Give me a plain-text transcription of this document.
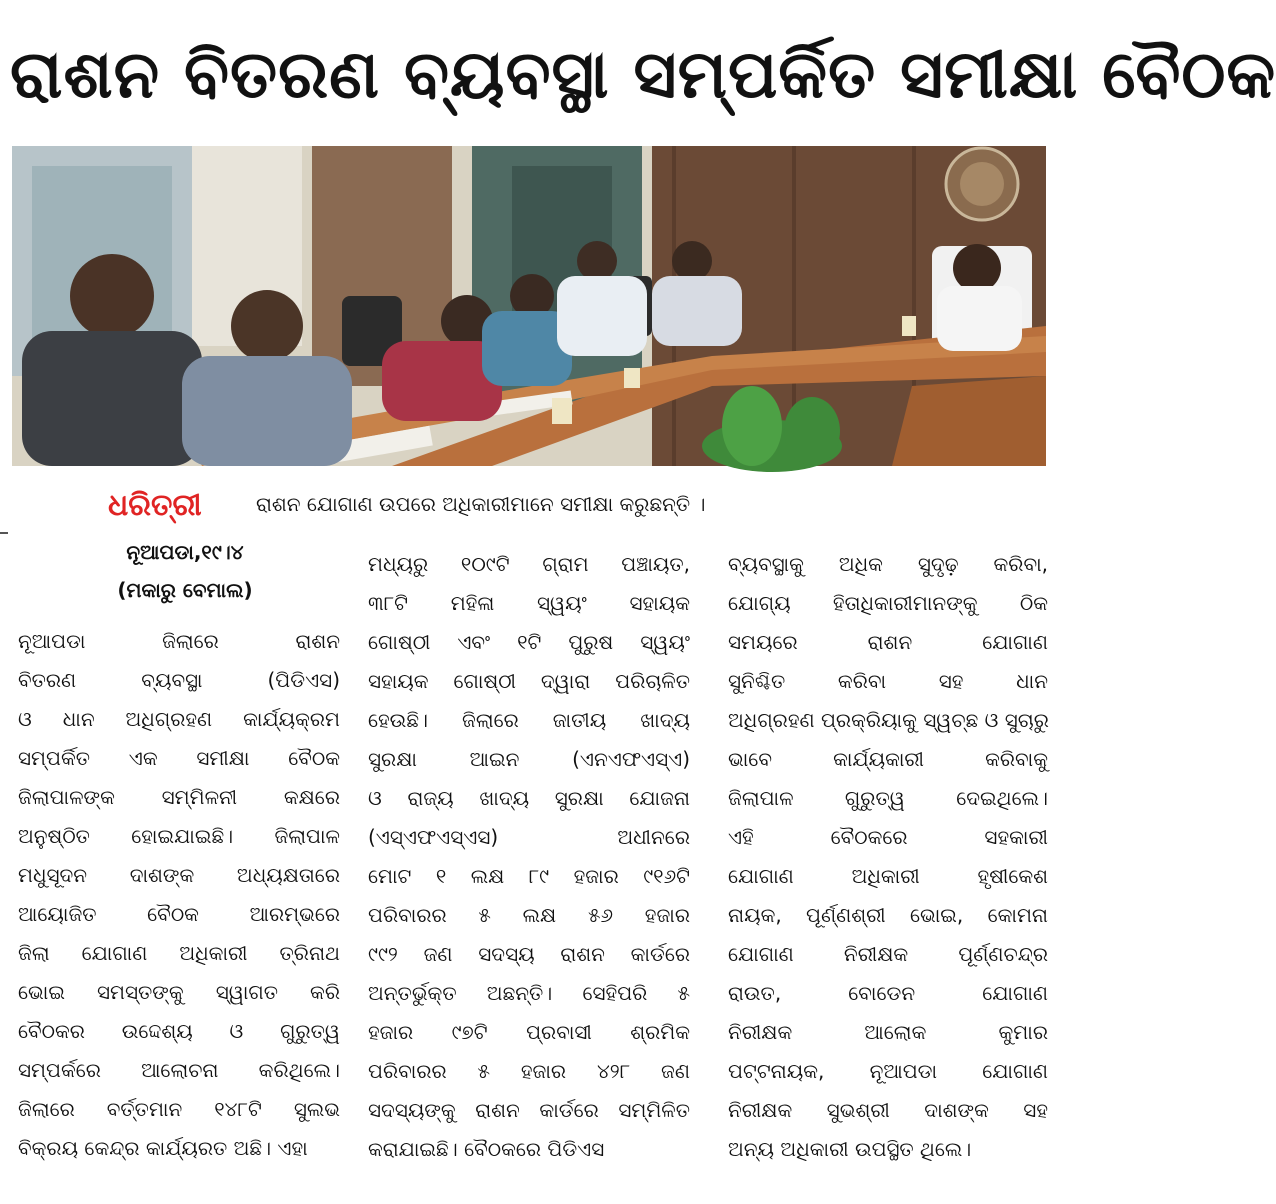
ରାଶନ ବିତରଣ ବ୍ୟବସ୍ଥା ସମ୍ପର୍କିତ ସମୀକ୍ଷା ବୈଠକ
ଧରିତ୍ରୀ	ରାଶନ ଯୋଗାଣ ଉପରେ ଅଧିକାରୀମାନେ ସମୀକ୍ଷା କରୁଛନ୍ତି ।
ନୂଆପଡା,୧୯।୪
(ମକାରୁ ବେମାଲ)
ନୂଆପଡା ଜିଲାରେ ରାଶନ
ବିତରଣ ବ୍ୟବସ୍ଥା (ପିଡିଏସ)
ଓ ଧାନ ଅଧିଗ୍ରହଣ କାର୍ଯ୍ୟକ୍ରମ
ସମ୍ପର୍କିତ ଏକ ସମୀକ୍ଷା ବୈଠକ
ଜିଲାପାଳଙ୍କ ସମ୍ମିଳନୀ କକ୍ଷରେ
ଅନୁଷ୍ଠିତ ହୋଇଯାଇଛି। ଜିଲାପାଳ
ମଧୁସୂଦନ ଦାଶଙ୍କ ଅଧ୍ୟକ୍ଷତାରେ
ଆୟୋଜିତ ବୈଠକ ଆରମ୍ଭରେ
ଜିଲା ଯୋଗାଣ ଅଧିକାରୀ ତ୍ରିନାଥ
ଭୋଇ ସମସ୍ତଙ୍କୁ ସ୍ୱାଗତ କରି
ବୈଠକର ଉଦ୍ଦେଶ୍ୟ ଓ ଗୁରୁତ୍ୱ
ସମ୍ପର୍କରେ ଆଲୋଚନା କରିଥିଲେ।
ଜିଲାରେ ବର୍ତ୍ତମାନ ୧୪୮ଟି ସୁଲଭ
ବିକ୍ରୟ କେନ୍ଦ୍ର କାର୍ଯ୍ୟରତ ଅଛି। ଏହା
ମଧ୍ୟରୁ ୧୦୯ଟି ଗ୍ରାମ ପଞ୍ଚାୟତ,
୩୮ଟି ମହିଳା ସ୍ୱୟଂ ସହାୟକ
ଗୋଷ୍ଠୀ ଏବଂ ୧ଟି ପୁରୁଷ ସ୍ୱୟଂ
ସହାୟକ ଗୋଷ୍ଠୀ ଦ୍ୱାରା ପରିଚାଳିତ
ହେଉଛି। ଜିଲାରେ ଜାତୀୟ ଖାଦ୍ୟ
ସୁରକ୍ଷା ଆଇନ (ଏନଏଫଏସ୍ଏ)
ଓ ରାଜ୍ୟ ଖାଦ୍ୟ ସୁରକ୍ଷା ଯୋଜନା
(ଏସ୍ଏଫଏସ୍ଏସ) ଅଧୀନରେ
ମୋଟ ୧ ଲକ୍ଷ ୮୯ ହଜାର ୯୧୬ଟି
ପରିବାରର ୫ ଲକ୍ଷ ୫୬ ହଜାର
୯୯୨ ଜଣ ସଦସ୍ୟ ରାଶନ କାର୍ଡରେ
ଅନ୍ତର୍ଭୁକ୍ତ ଅଛନ୍ତି। ସେହିପରି ୫
ହଜାର ୯୭ଟି ପ୍ରବାସୀ ଶ୍ରମିକ
ପରିବାରର ୫ ହଜାର ୪୨୮ ଜଣ
ସଦସ୍ୟଙ୍କୁ ରାଶନ କାର୍ଡରେ ସମ୍ମିଳିତ
କରାଯାଇଛି। ବୈଠକରେ ପିଡିଏସ
ବ୍ୟବସ୍ଥାକୁ ଅଧିକ ସୁଦୃଢ଼ କରିବା,
ଯୋଗ୍ୟ ହିତାଧିକାରୀମାନଙ୍କୁ ଠିକ
ସମୟରେ ରାଶନ ଯୋଗାଣ
ସୁନିଶ୍ଚିତ କରିବା ସହ ଧାନ
ଅଧିଗ୍ରହଣ ପ୍ରକ୍ରିୟାକୁ ସ୍ୱଚ୍ଛ ଓ ସୁଚାରୁ
ଭାବେ କାର୍ଯ୍ୟକାରୀ କରିବାକୁ
ଜିଲାପାଳ ଗୁରୁତ୍ୱ ଦେଇଥିଲେ।
ଏହି ବୈଠକରେ ସହକାରୀ
ଯୋଗାଣ ଅଧିକାରୀ ହୃଷୀକେଶ
ନାୟକ, ପୂର୍ଣ୍ଣଶ୍ରୀ ଭୋଇ, କୋମନା
ଯୋଗାଣ ନିରୀକ୍ଷକ ପୂର୍ଣ୍ଣଚନ୍ଦ୍ର
ରାଉତ, ବୋଡେନ ଯୋଗାଣ
ନିରୀକ୍ଷକ ଆଲୋକ କୁମାର
ପଟ୍ଟନାୟକ, ନୂଆପଡା ଯୋଗାଣ
ନିରୀକ୍ଷକ ସୁଭଶ୍ରୀ ଦାଶଙ୍କ ସହ
ଅନ୍ୟ ଅଧିକାରୀ ଉପସ୍ଥିତ ଥିଲେ।
